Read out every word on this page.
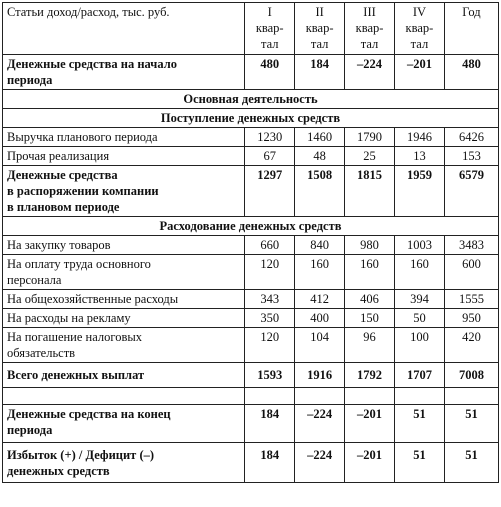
Статьи доход/расход, тыс. руб.	I
квар-
тал	II
квар-
тал	III
квар-
тал	IV
квар-
тал	Год
Денежные средства на начало
периода	480	184	–224	–201	480
Основная деятельность					
Поступление денежных средств					
Выручка планового периода	1230	1460	1790	1946	6426
Прочая реализация	67	48	25	13	153
Денежные средства
в распоряжении компании
в плановом периоде	1297	1508	1815	1959	6579
Расходование денежных средств					
На закупку товаров	660	840	980	1003	3483
На оплату труда основного
персонала	120	160	160	160	600
На общехозяйственные расходы	343	412	406	394	1555
На расходы на рекламу	350	400	150	50	950
На погашение налоговых
обязательств	120	104	96	100	420
Всего денежных выплат	1593	1916	1792	1707	7008

Денежные средства на конец
периода	184	–224	–201	51	51
Избыток (+) / Дефицит (–)
денежных средств	184	–224	–201	51	51
